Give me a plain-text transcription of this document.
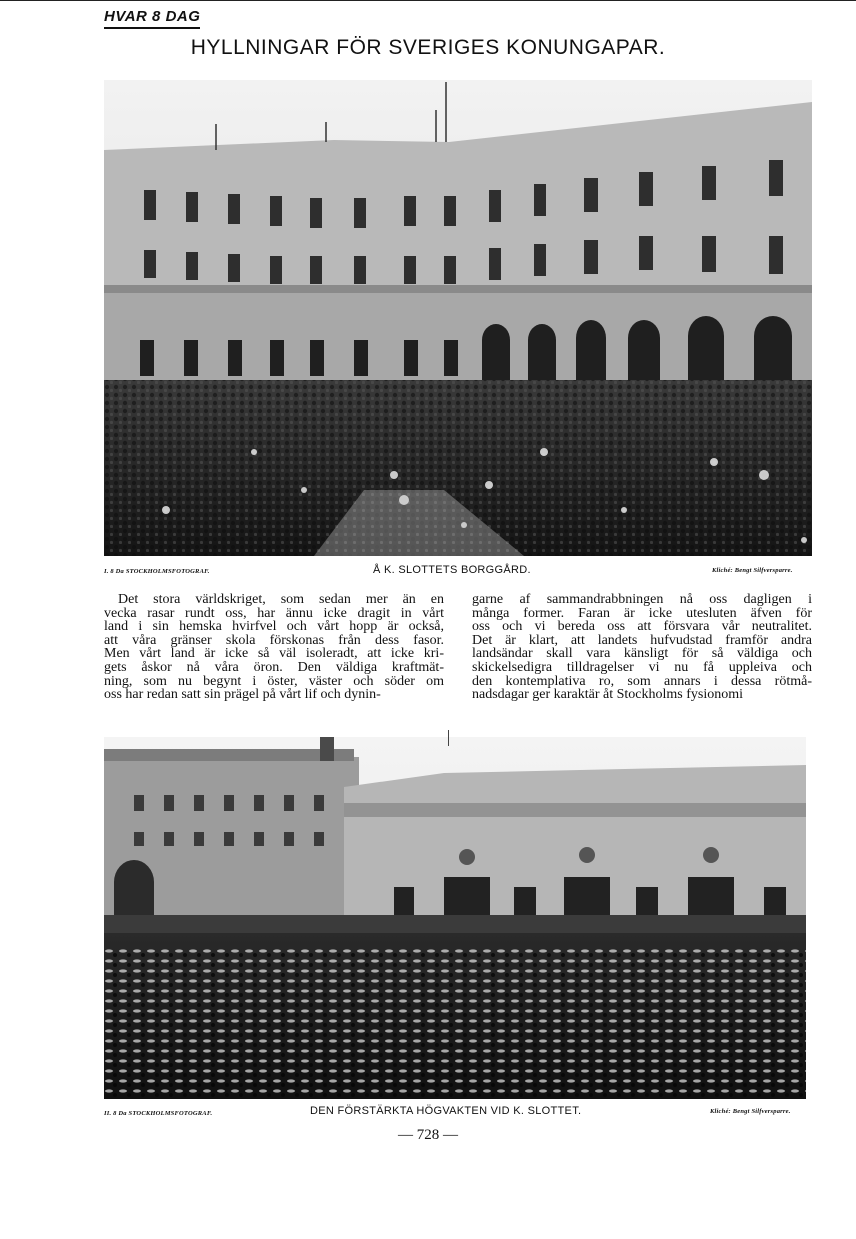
HVAR 8 DAG
HYLLNINGAR FÖR SVERIGES KONUNGAPAR.
I. 8 Da STOCKHOLMSFOTOGRAF.	Å K. SLOTTETS BORGGÅRD.	Kliché: Bengt Silfversparre.
Det stora världskriget, som sedan mer än en
vecka rasar rundt oss, har ännu icke dragit in vårt
land i sin hemska hvirfvel och vårt hopp är också,
att våra gränser skola förskonas från dess fasor.
Men vårt land är icke så väl isoleradt, att icke kri-
gets åskor nå våra öron. Den väldiga kraftmät-
ning, som nu begynt i öster, väster och söder om
oss har redan satt sin prägel på vårt lif och dynin-
garne af sammandrabbningen nå oss dagligen i
många former. Faran är icke utesluten äfven för
oss och vi bereda oss att försvara vår neutralitet.
Det är klart, att landets hufvudstad framför andra
landsändar skall vara känsligt för så väldiga och
skickelsedigra tilldragelser vi nu få uppleiva och
den kontemplativa ro, som annars i dessa rötmå-
nadsdagar ger karaktär åt Stockholms fysionomi
II. 8 Da STOCKHOLMSFOTOGRAF.	DEN FÖRSTÄRKTA HÖGVAKTEN VID K. SLOTTET.	Kliché: Bengt Silfversparre.
— 728 —
